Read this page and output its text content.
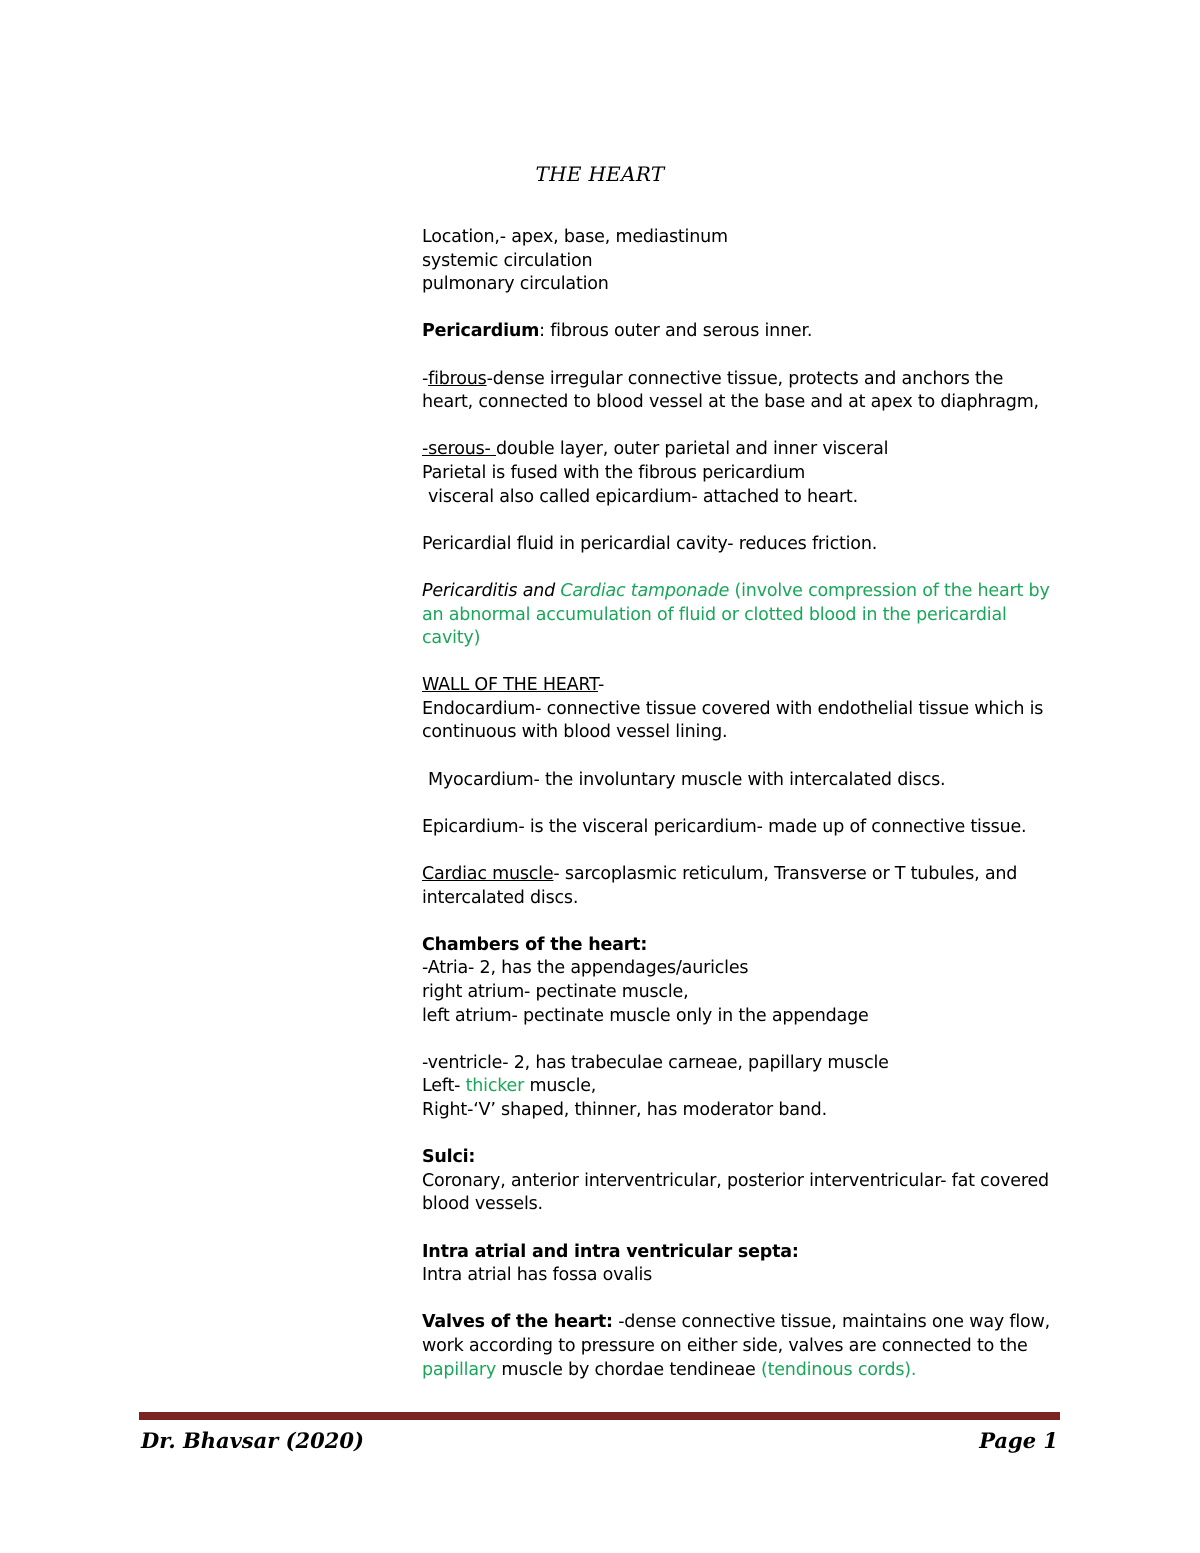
THE HEART
Location,- apex, base, mediastinum
systemic circulation
pulmonary circulation
Pericardium: fibrous outer and serous inner.
-fibrous-dense irregular connective tissue, protects and anchors the
heart, connected to blood vessel at the base and at apex to diaphragm,
-serous- double layer, outer parietal and inner visceral
Parietal is fused with the fibrous pericardium
visceral also called epicardium- attached to heart.
Pericardial fluid in pericardial cavity- reduces friction.
Pericarditis and Cardiac tamponade (involve compression of the heart by
an abnormal accumulation of fluid or clotted blood in the pericardial
cavity)
WALL OF THE HEART-
Endocardium- connective tissue covered with endothelial tissue which is
continuous with blood vessel lining.
Myocardium- the involuntary muscle with intercalated discs.
Epicardium- is the visceral pericardium- made up of connective tissue.
Cardiac muscle- sarcoplasmic reticulum, Transverse or T tubules, and
intercalated discs.
Chambers of the heart:
-Atria- 2, has the appendages/auricles
right atrium- pectinate muscle,
left atrium- pectinate muscle only in the appendage
-ventricle- 2, has trabeculae carneae, papillary muscle
Left- thicker muscle,
Right-‘V’ shaped, thinner, has moderator band.
Sulci:
Coronary, anterior interventricular, posterior interventricular- fat covered
blood vessels.
Intra atrial and intra ventricular septa:
Intra atrial has fossa ovalis
Valves of the heart: -dense connective tissue, maintains one way flow,
work according to pressure on either side, valves are connected to the
papillary muscle by chordae tendineae (tendinous cords).
Dr. Bhavsar (2020)	Page 1
